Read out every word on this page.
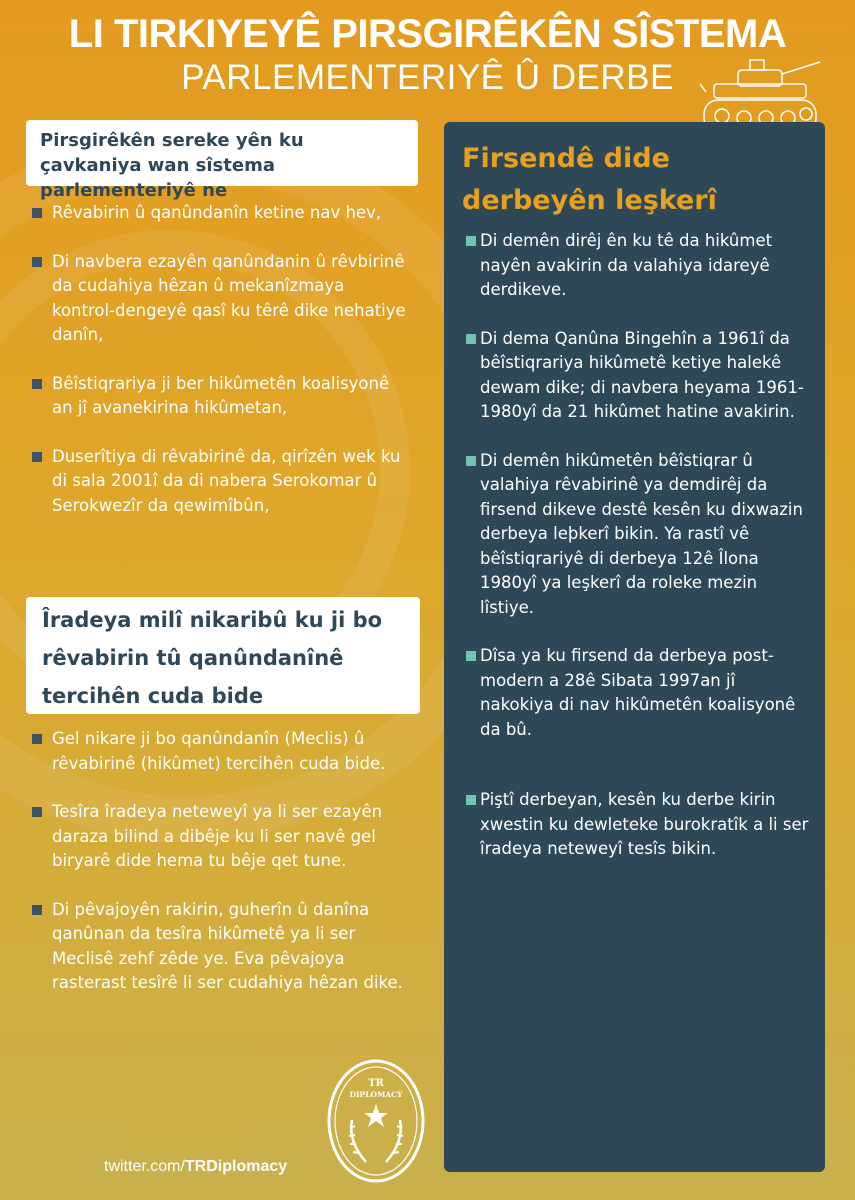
LI TIRKIYEYÊ PIRSGIRÊKÊN SÎSTEMA
PARLEMENTERIYÊ Û DERBE
Pirsgirêkên sereke yên ku çavkaniya wan sîstema parlementeriyê ne
Rêvabirin û qanûndanîn ketine nav hev,
Di navbera ezayên qanûndanin û rêvbirinê da cudahiya hêzan û mekanîzmaya kontrol-dengeyê qasî ku têrê dike nehatiye danîn,
Bêîstiqrariya ji ber hikûmetên koalisyonê an jî avanekirina hikûmetan,
Duserîtiya di rêvabirinê da, qirîzên wek ku di sala 2001î da di nabera Serokomar û Serokwezîr da qewimîbûn,
Îradeya milî nikaribû ku ji bo rêvabirin tû qanûndanînê tercihên cuda bide
Gel nikare ji bo qanûndanîn (Meclis) û rêvabirinê (hikûmet) tercihên cuda bide.
Tesîra îradeya neteweyî ya li ser ezayên daraza bilind a dibêje ku li ser navê gel biryarê dide hema tu bêje qet tune.
Di pêvajoyên rakirin, guherîn û danîna qanûnan da tesîra hikûmetê ya li ser Meclisê zehf zêde ye. Eva pêvajoya rasterast tesîrê li ser cudahiya hêzan dike.
Firsendê dide derbeyên leşkerî
Di demên dirêj ên ku tê da hikûmet nayên avakirin da valahiya idareyê derdikeve.
Di dema Qanûna Bingehîn a 1961î da bêîstiqrariya hikûmetê ketiye halekê dewam dike; di navbera heyama 1961-1980yî da 21 hikûmet hatine avakirin.
Di demên hikûmetên bêîstiqrar û valahiya rêvabirinê ya demdirêj da firsend dikeve destê kesên ku dixwazin derbeya leþkerî bikin. Ya rastî vê bêîstiqrariyê di derbeya 12ê Îlona 1980yî ya leşkerî da roleke mezin lîstiye.
Dîsa ya ku firsend da derbeya post-modern a 28ê Sibata 1997an jî nakokiya di nav hikûmetên koalisyonê da bû.
Piştî derbeyan, kesên ku derbe kirin xwestin ku dewleteke burokratîk a li ser îradeya neteweyî tesîs bikin.
TR
DIPLOMACY
twitter.com/TRDiplomacy
